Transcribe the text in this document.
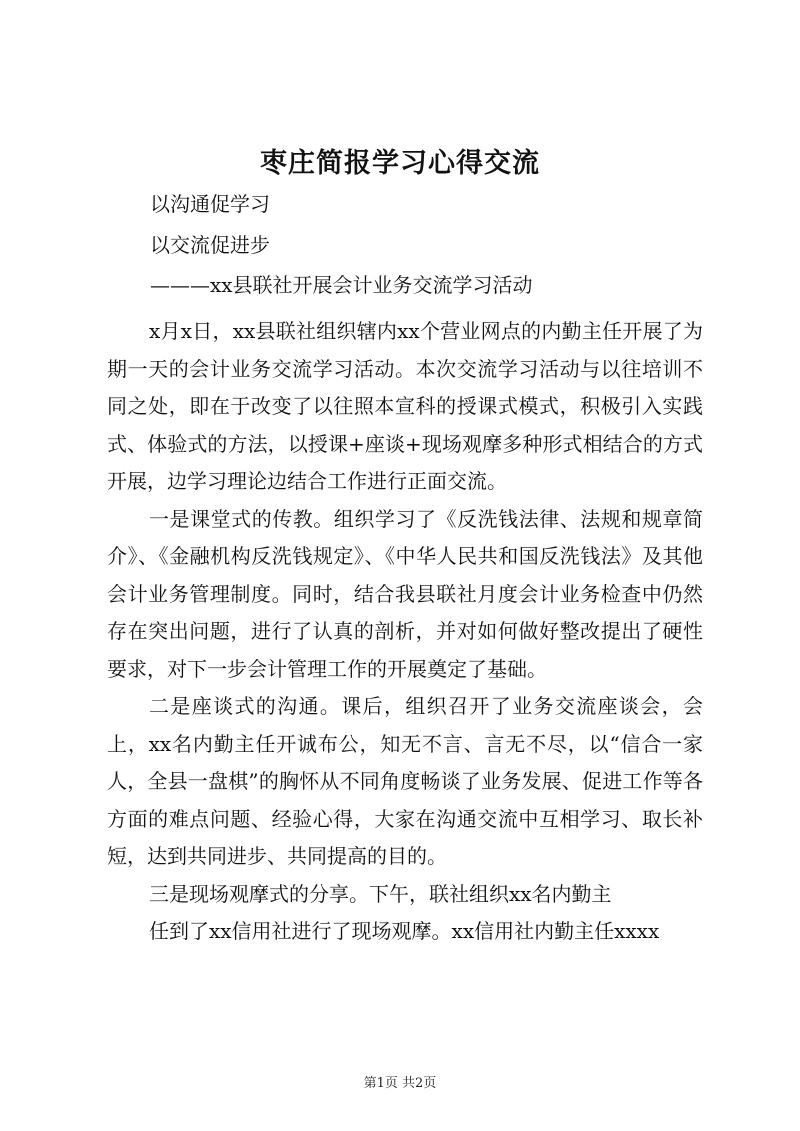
枣庄简报学习心得交流
以沟通促学习
以交流促进步
———xx县联社开展会计业务交流学习活动

x月x日，xx县联社组织辖内xx个营业网点的内勤主任开展了为期一天的会计业务交流学习活动。本次交流学习活动与以往培训不同之处，即在于改变了以往照本宣科的授课式模式，积极引入实践式、体验式的方法，以授课+座谈+现场观摩多种形式相结合的方式开展，边学习理论边结合工作进行正面交流。

一是课堂式的传教。组织学习了《反洗钱法律、法规和规章简介》、《金融机构反洗钱规定》、《中华人民共和国反洗钱法》及其他会计业务管理制度。同时，结合我县联社月度会计业务检查中仍然存在突出问题，进行了认真的剖析，并对如何做好整改提出了硬性要求，对下一步会计管理工作的开展奠定了基础。

二是座谈式的沟通。课后，组织召开了业务交流座谈会，会上，xx名内勤主任开诚布公，知无不言、言无不尽，以“信合一家人，全县一盘棋”的胸怀从不同角度畅谈了业务发展、促进工作等各方面的难点问题、经验心得，大家在沟通交流中互相学习、取长补短，达到共同进步、共同提高的目的。

三是现场观摩式的分享。下午，联社组织xx名内勤主

任到了xx信用社进行了现场观摩。xx信用社内勤主任xxxx

第1页 共2页
